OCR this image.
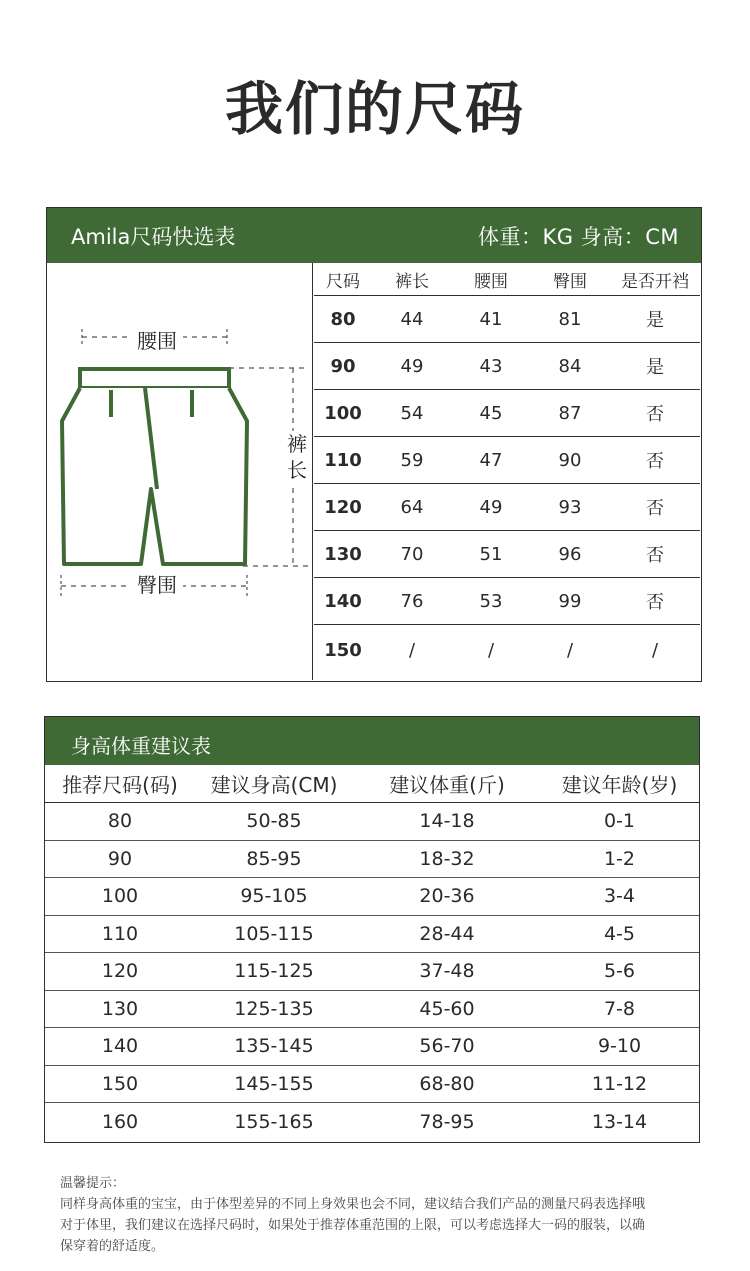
我们的尺码
Amila尺码快选表	体重：KG 身高：CM
腰围
臀围
裤
长
尺码	裤长	腰围	臀围	是否开裆
80	44	41	81	是
90	49	43	84	是
100	54	45	87	否
110	59	47	90	否
120	64	49	93	否
130	70	51	96	否
140	76	53	99	否
150	/	/	/	/
身高体重建议表
推荐尺码(码)	建议身高(CM)	建议体重(斤)	建议年龄(岁)
80	50-85	14-18	0-1
90	85-95	18-32	1-2
100	95-105	20-36	3-4
110	105-115	28-44	4-5
120	115-125	37-48	5-6
130	125-135	45-60	7-8
140	135-145	56-70	9-10
150	145-155	68-80	11-12
160	155-165	78-95	13-14

温馨提示：

同样身高体重的宝宝，由于体型差异的不同上身效果也会不同，建议结合我们产品的测量尺码表选择哦

对于体里，我们建议在选择尺码时，如果处于推荐体重范围的上限，可以考虑选择大一码的服装，以确

保穿着的舒适度。
